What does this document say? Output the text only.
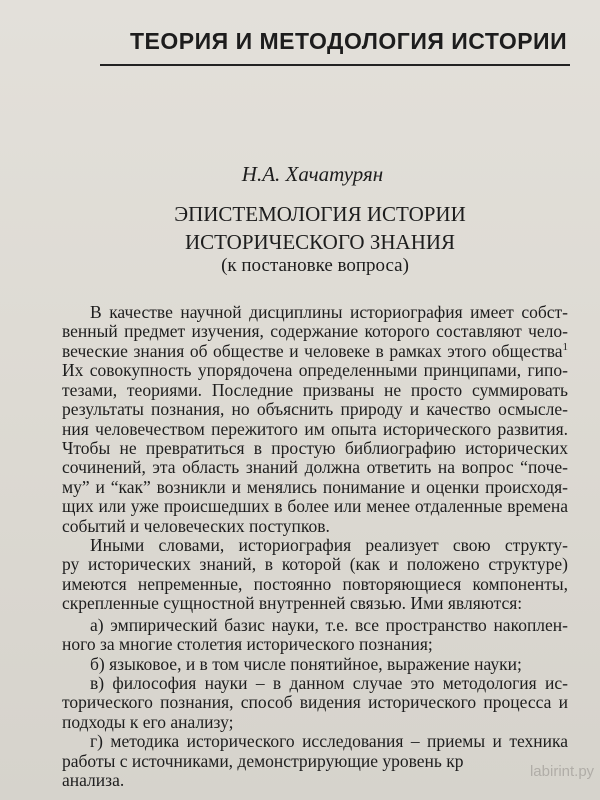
ТЕОРИЯ И МЕТОДОЛОГИЯ ИСТОРИИ
Н.А. Хачатурян
ЭПИСТЕМОЛОГИЯ ИСТОРИИ
ИСТОРИЧЕСКОГО ЗНАНИЯ
(к постановке вопроса)
В качестве научной дисциплины историография имеет собст-
венный предмет изучения, содержание которого составляют чело-
веческие знания об обществе и человеке в рамках этого общества$^1$
Их совокупность упорядочена определенными принципами, гипо-
тезами, теориями. Последние призваны не просто суммировать
результаты познания, но объяснить природу и качество осмысле-
ния человечеством пережитого им опыта исторического развития.
Чтобы не превратиться в простую библиографию исторических
сочинений, эта область знаний должна ответить на вопрос “поче-
му” и “как” возникли и менялись понимание и оценки происходя-
щих или уже происшедших в более или менее отдаленные времена
событий и человеческих поступков.
Иными словами, историография реализует свою структу-
ру исторических знаний, в которой (как и положено структуре)
имеются непременные, постоянно повторяющиеся компоненты,
скрепленные сущностной внутренней связью. Ими являются:
а) эмпирический базис науки, т.е. все пространство накоплен-
ного за многие столетия исторического познания;
б) языковое, и в том числе понятийное, выражение науки;
в) философия науки – в данном случае это методология ис-
торического познания, способ видения исторического процесса и
подходы к его анализу;
г) методика исторического исследования – приемы и техника
работы с источниками, демонстрирующие уровень кр
анализа.	labirint.ру
